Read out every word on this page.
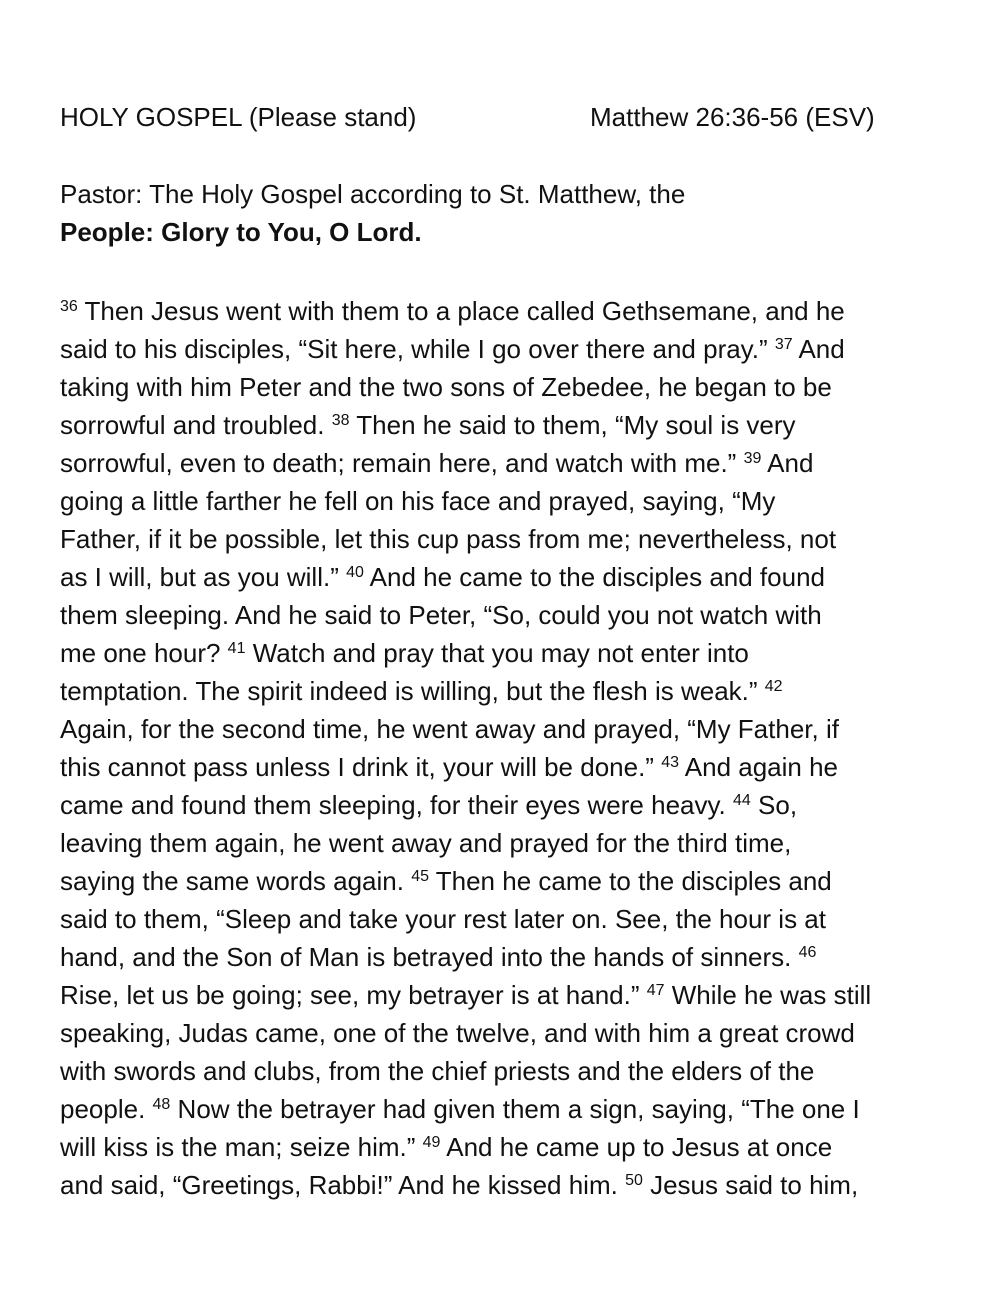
HOLY GOSPEL (Please stand)	Matthew 26:36-56 (ESV)
Pastor: The Holy Gospel according to St. Matthew, the
People: Glory to You, O Lord.
$^{36}$ Then Jesus went with them to a place called Gethsemane, and he
said to his disciples, “Sit here, while I go over there and pray.” $^{37}$ And
taking with him Peter and the two sons of Zebedee, he began to be
sorrowful and troubled. $^{38}$ Then he said to them, “My soul is very
sorrowful, even to death; remain here, and watch with me.” $^{39}$ And
going a little farther he fell on his face and prayed, saying, “My
Father, if it be possible, let this cup pass from me; nevertheless, not
as I will, but as you will.” $^{40}$ And he came to the disciples and found
them sleeping. And he said to Peter, “So, could you not watch with
me one hour? $^{41}$ Watch and pray that you may not enter into
temptation. The spirit indeed is willing, but the flesh is weak.” $^{42}$
Again, for the second time, he went away and prayed, “My Father, if
this cannot pass unless I drink it, your will be done.” $^{43}$ And again he
came and found them sleeping, for their eyes were heavy. $^{44}$ So,
leaving them again, he went away and prayed for the third time,
saying the same words again. $^{45}$ Then he came to the disciples and
said to them, “Sleep and take your rest later on. See, the hour is at
hand, and the Son of Man is betrayed into the hands of sinners. $^{46}$
Rise, let us be going; see, my betrayer is at hand.” $^{47}$ While he was still
speaking, Judas came, one of the twelve, and with him a great crowd
with swords and clubs, from the chief priests and the elders of the
people. $^{48}$ Now the betrayer had given them a sign, saying, “The one I
will kiss is the man; seize him.” $^{49}$ And he came up to Jesus at once
and said, “Greetings, Rabbi!” And he kissed him. $^{50}$ Jesus said to him,
